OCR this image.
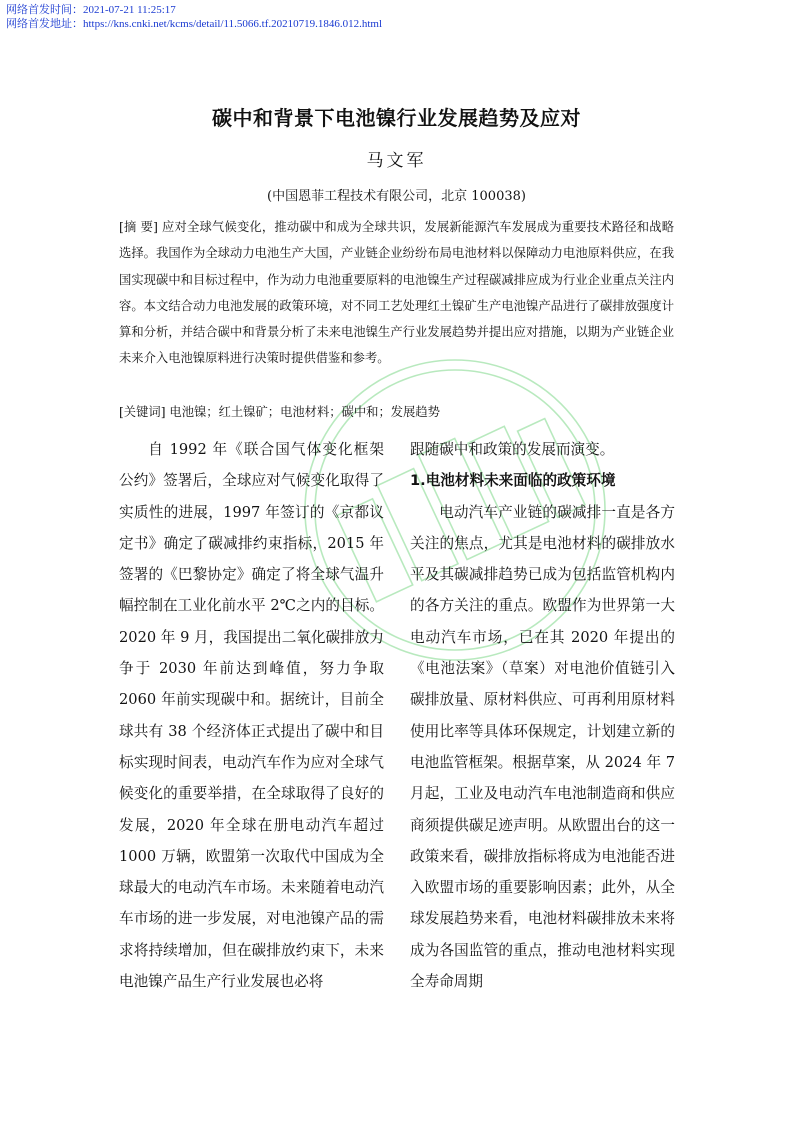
网络首发时间：2021-07-21 11:25:17
网络首发地址：https://kns.cnki.net/kcms/detail/11.5066.tf.20210719.1846.012.html
碳中和背景下电池镍行业发展趋势及应对
马文军
(中国恩菲工程技术有限公司，北京 100038)
[摘 要] 应对全球气候变化，推动碳中和成为全球共识，发展新能源汽车发展成为重要技术路径和战略选择。我国作为全球动力电池生产大国，产业链企业纷纷布局电池材料以保障动力电池原料供应，在我国实现碳中和目标过程中，作为动力电池重要原料的电池镍生产过程碳减排应成为行业企业重点关注内容。本文结合动力电池发展的政策环境，对不同工艺处理红土镍矿生产电池镍产品进行了碳排放强度计算和分析，并结合碳中和背景分析了未来电池镍生产行业发展趋势并提出应对措施，以期为产业链企业未来介入电池镍原料进行决策时提供借鉴和参考。
[关键词] 电池镍；红土镍矿；电池材料；碳中和；发展趋势

自 1992 年《联合国气体变化框架公约》签署后，全球应对气候变化取得了实质性的进展，1997 年签订的《京都议定书》确定了碳减排约束指标，2015 年签署的《巴黎协定》确定了将全球气温升幅控制在工业化前水平 2℃之内的目标。2020 年 9 月，我国提出二氧化碳排放力争于 2030 年前达到峰值，努力争取 2060 年前实现碳中和。据统计，目前全球共有 38 个经济体正式提出了碳中和目标实现时间表，电动汽车作为应对全球气候变化的重要举措，在全球取得了良好的发展，2020 年全球在册电动汽车超过 1000 万辆，欧盟第一次取代中国成为全球最大的电动汽车市场。未来随着电动汽车市场的进一步发展，对电池镍产品的需求将持续增加，但在碳排放约束下，未来电池镍产品生产行业发展也必将

跟随碳中和政策的发展而演变。

1.电池材料未来面临的政策环境

电动汽车产业链的碳减排一直是各方关注的焦点，尤其是电池材料的碳排放水平及其碳减排趋势已成为包括监管机构内的各方关注的重点。欧盟作为世界第一大电动汽车市场，已在其 2020 年提出的《电池法案》（草案）对电池价值链引入碳排放量、原材料供应、可再利用原材料使用比率等具体环保规定，计划建立新的电池监管框架。根据草案，从 2024 年 7 月起，工业及电动汽车电池制造商和供应商须提供碳足迹声明。从欧盟出台的这一政策来看，碳排放指标将成为电池能否进入欧盟市场的重要影响因素；此外，从全球发展趋势来看，电池材料碳排放未来将成为各国监管的重点，推动电池材料实现全寿命周期
